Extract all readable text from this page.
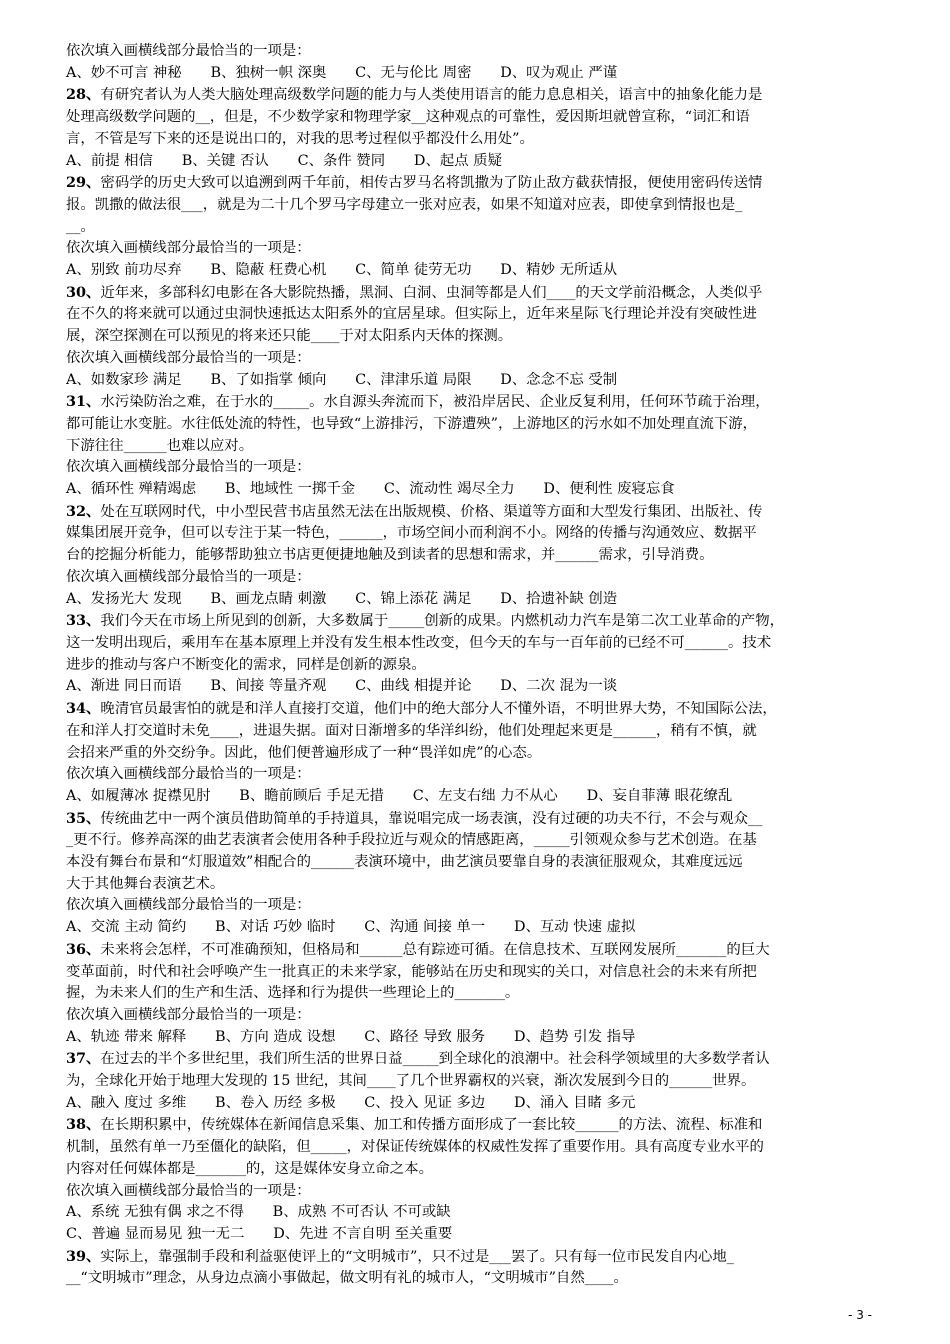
依次填入画横线部分最恰当的一项是：
A、妙不可言 神秘　　B、独树一帜 深奥　　C、无与伦比 周密　　D、叹为观止 严谨
28、有研究者认为人类大脑处理高级数学问题的能力与人类使用语言的能力息息相关，语言中的抽象化能力是
处理高级数学问题的__，但是，不少数学家和物理学家__这种观点的可靠性，爱因斯坦就曾宣称，“词汇和语
言，不管是写下来的还是说出口的，对我的思考过程似乎都没什么用处”。
A、前提 相信　　B、关键 否认　　C、条件 赞同　　D、起点 质疑
29、密码学的历史大致可以追溯到两千年前，相传古罗马名将凯撒为了防止敌方截获情报，便使用密码传送情
报。凯撒的做法很___，就是为二十几个罗马字母建立一张对应表，如果不知道对应表，即使拿到情报也是_
__。
依次填入画横线部分最恰当的一项是：
A、别致 前功尽弃　　B、隐蔽 枉费心机　　C、简单 徒劳无功　　D、精妙 无所适从
30、近年来，多部科幻电影在各大影院热播，黑洞、白洞、虫洞等都是人们____的天文学前沿概念，人类似乎
在不久的将来就可以通过虫洞快速抵达太阳系外的宜居星球。但实际上，近年来星际飞行理论并没有突破性进
展，深空探测在可以预见的将来还只能____于对太阳系内天体的探测。
依次填入画横线部分最恰当的一项是：
A、如数家珍 满足　　B、了如指掌 倾向　　C、津津乐道 局限　　D、念念不忘 受制
31、水污染防治之难，在于水的_____。水自源头奔流而下，被沿岸居民、企业反复利用，任何环节疏于治理，
都可能让水变脏。水往低处流的特性，也导致“上游排污，下游遭殃”，上游地区的污水如不加处理直流下游，
下游往往______也难以应对。
依次填入画横线部分最恰当的一项是：
A、循环性 殚精竭虑　　B、地域性 一掷千金　　C、流动性 竭尽全力　　D、便利性 废寝忘食
32、处在互联网时代，中小型民营书店虽然无法在出版规模、价格、渠道等方面和大型发行集团、出版社、传
媒集团展开竞争，但可以专注于某一特色，______，市场空间小而利润不小。网络的传播与沟通效应、数据平
台的挖掘分析能力，能够帮助独立书店更便捷地触及到读者的思想和需求，并______需求，引导消费。
依次填入画横线部分最恰当的一项是：
A、发扬光大 发现　　B、画龙点睛 刺激　　C、锦上添花 满足　　D、拾遗补缺 创造
33、我们今天在市场上所见到的创新，大多数属于_____创新的成果。内燃机动力汽车是第二次工业革命的产物，
这一发明出现后，乘用车在基本原理上并没有发生根本性改变，但今天的车与一百年前的已经不可______。技术
进步的推动与客户不断变化的需求，同样是创新的源泉。
A、渐进 同日而语　　B、间接 等量齐观　　C、曲线 相提并论　　D、二次 混为一谈
34、晚清官员最害怕的就是和洋人直接打交道，他们中的绝大部分人不懂外语，不明世界大势，不知国际公法，
在和洋人打交道时未免____，进退失据。面对日渐增多的华洋纠纷，他们处理起来更是______，稍有不慎，就
会招来严重的外交纷争。因此，他们便普遍形成了一种“畏洋如虎”的心态。
依次填入画横线部分最恰当的一项是：
A、如履薄冰 捉襟见肘　　B、瞻前顾后 手足无措　　C、左支右绌 力不从心　　D、妄自菲薄 眼花缭乱
35、传统曲艺中一两个演员借助简单的手持道具，靠说唱完成一场表演，没有过硬的功夫不行，不会与观众__
_更不行。修养高深的曲艺表演者会使用各种手段拉近与观众的情感距离，_____引领观众参与艺术创造。在基
本没有舞台布景和“灯服道效”相配合的______表演环境中，曲艺演员要靠自身的表演征服观众，其难度远远
大于其他舞台表演艺术。
依次填入画横线部分最恰当的一项是：
A、交流 主动 简约　　B、对话 巧妙 临时　　C、沟通 间接 单一　　D、互动 快速 虚拟
36、未来将会怎样，不可准确预知，但格局和______总有踪迹可循。在信息技术、互联网发展所_______的巨大
变革面前，时代和社会呼唤产生一批真正的未来学家，能够站在历史和现实的关口，对信息社会的未来有所把
握，为未来人们的生产和生活、选择和行为提供一些理论上的_______。
依次填入画横线部分最恰当的一项是：
A、轨迹 带来 解释　　B、方向 造成 设想　　C、路径 导致 服务　　D、趋势 引发 指导
37、在过去的半个多世纪里，我们所生活的世界日益_____到全球化的浪潮中。社会科学领域里的大多数学者认
为，全球化开始于地理大发现的 15 世纪，其间____了几个世界霸权的兴衰，渐次发展到今日的______世界。
A、融入 度过 多维　　B、卷入 历经 多极　　C、投入 见证 多边　　D、涌入 目睹 多元
38、在长期积累中，传统媒体在新闻信息采集、加工和传播方面形成了一套比较______的方法、流程、标准和
机制，虽然有单一乃至僵化的缺陷，但_____，对保证传统媒体的权威性发挥了重要作用。具有高度专业水平的
内容对任何媒体都是_______的，这是媒体安身立命之本。
依次填入画横线部分最恰当的一项是：
A、系统 无独有偶 求之不得　　B、成熟 不可否认 不可或缺
C、普遍 显而易见 独一无二　　D、先进 不言自明 至关重要
39、实际上，靠强制手段和利益驱使评上的“文明城市”，只不过是___罢了。只有每一位市民发自内心地_
__“文明城市”理念，从身边点滴小事做起，做文明有礼的城市人，“文明城市”自然____。
- 3 -
